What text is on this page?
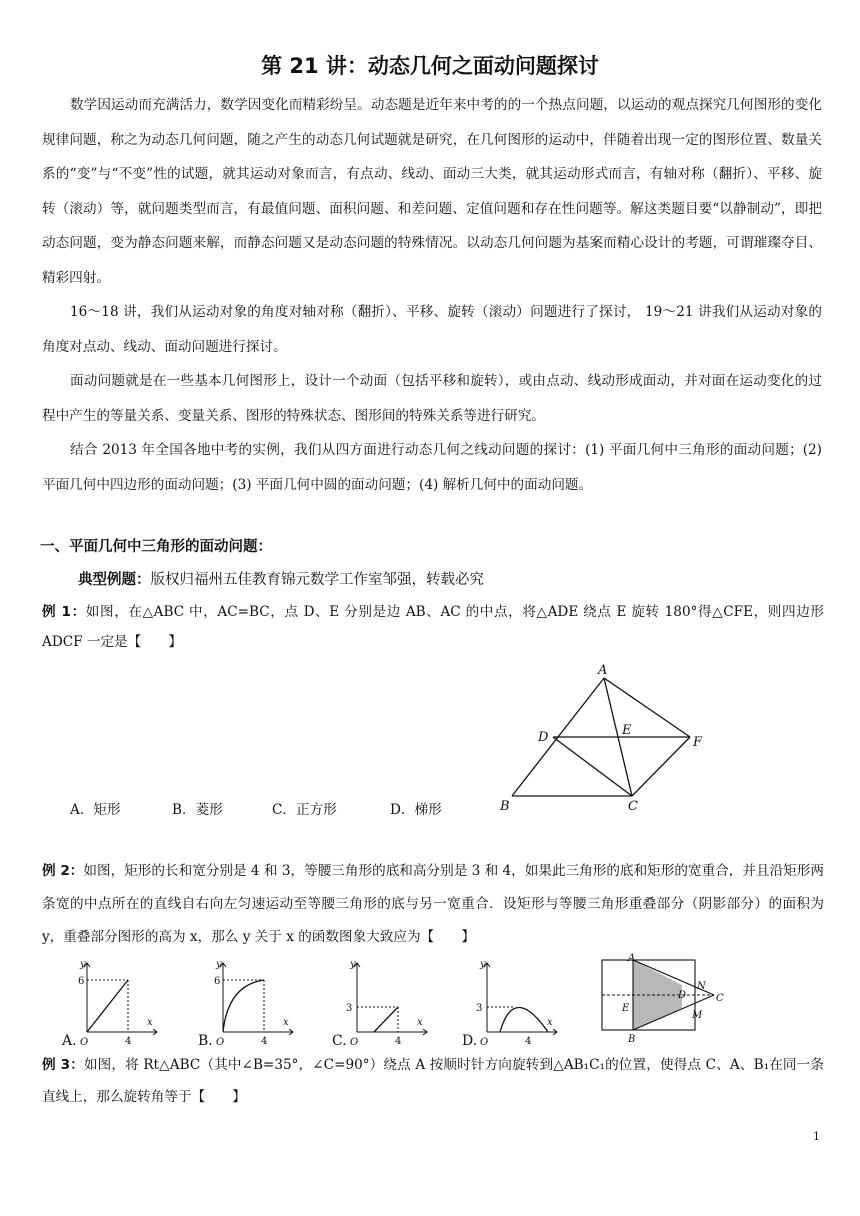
第 21 讲：动态几何之面动问题探讨

数学因运动而充满活力，数学因变化而精彩纷呈。动态题是近年来中考的的一个热点问题，以运动的观点探究几何图形的变化规律问题，称之为动态几何问题，随之产生的动态几何试题就是研究，在几何图形的运动中，伴随着出现一定的图形位置、数量关系的“变”与“不变”性的试题，就其运动对象而言，有点动、线动、面动三大类，就其运动形式而言，有轴对称（翻折）、平移、旋转（滚动）等，就问题类型而言，有最值问题、面积问题、和差问题、定值问题和存在性问题等。解这类题目要“以静制动”，即把动态问题，变为静态问题来解，而静态问题又是动态问题的特殊情况。以动态几何问题为基案而精心设计的考题，可谓璀璨夺目、精彩四射。

16～18 讲，我们从运动对象的角度对轴对称（翻折）、平移、旋转（滚动）问题进行了探讨， 19～21 讲我们从运动对象的角度对点动、线动、面动问题进行探讨。

面动问题就是在一些基本几何图形上，设计一个动面（包括平移和旋转），或由点动、线动形成面动，并对面在运动变化的过程中产生的等量关系、变量关系、图形的特殊状态、图形间的特殊关系等进行研究。

结合 2013 年全国各地中考的实例，我们从四方面进行动态几何之线动问题的探讨：(1) 平面几何中三角形的面动问题；(2) 平面几何中四边形的面动问题；(3) 平面几何中圆的面动问题；(4) 解析几何中的面动问题。

一、平面几何中三角形的面动问题：
典型例题：版权归福州五佳教育锦元数学工作室邹强，转载必究

例 1：如图，在△ABC 中，AC=BC，点 D、E 分别是边 AB、AC 的中点，将△ADE 绕点 E 旋转 180°得△CFE，则四边形 ADCF 一定是【　　】

A
B	C
D	E
F
A．矩形	B．菱形	C．正方形	D．梯形

例 2：如图，矩形的长和宽分别是 4 和 3，等腰三角形的底和高分别是 3 和 4，如果此三角形的底和矩形的宽重合，并且沿矩形两条宽的中点所在的直线自右向左匀速运动至等腰三角形的底与另一宽重合．设矩形与等腰三角形重叠部分（阴影部分）的面积为 y，重叠部分图形的高为 x，那么 y 关于 x 的函数图象大致应为【　　】

y
x
O
6
4
A.
y
x
O
6
4
B.
y
x
O
3
4
C.
y
x
O
3
4
D.
A
B
D
E
N
M
C

例 3：如图，将 Rt△ABC（其中∠B=35°，∠C=90°）绕点 A 按顺时针方向旋转到△AB₁C₁的位置，使得点 C、A、B₁在同一条直线上，那么旋转角等于【　　】

1
